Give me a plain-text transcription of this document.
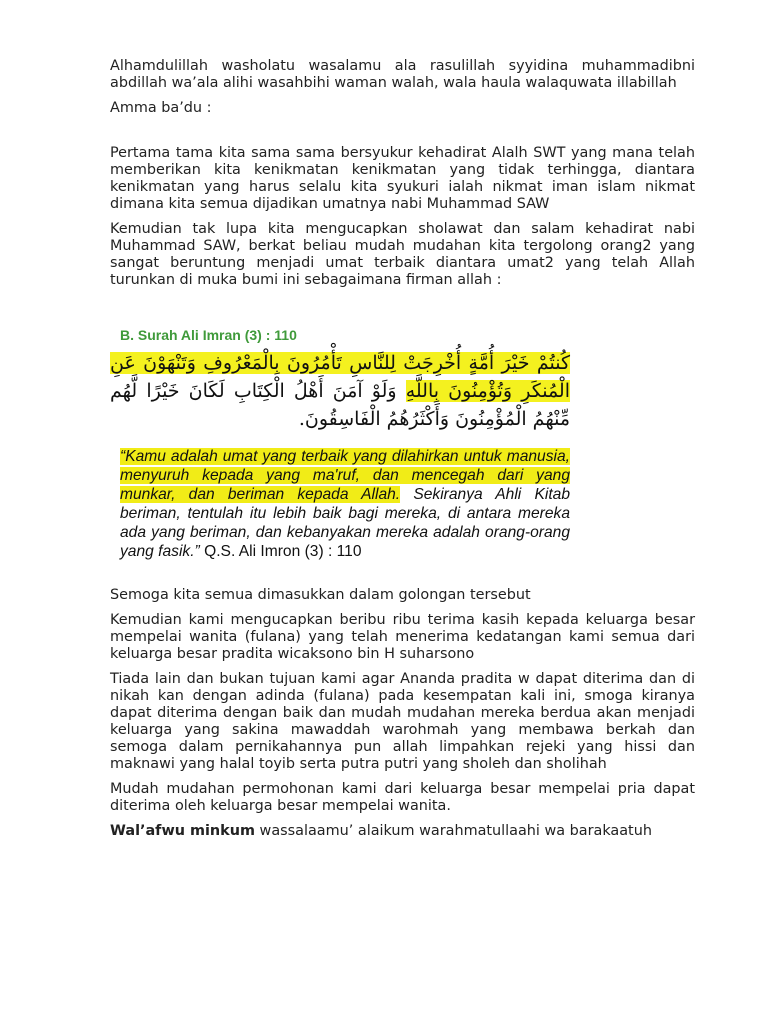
Alhamdulillah washolatu wasalamu ala rasulillah syyidina muhammadibni abdillah wa’ala alihi wasahbihi waman walah, wala haula walaquwata illabillah

Amma ba’du :

Pertama tama kita sama sama bersyukur kehadirat Alalh SWT yang mana telah memberikan kita kenikmatan kenikmatan yang tidak terhingga, diantara kenikmatan yang harus selalu kita syukuri ialah nikmat iman islam nikmat dimana kita semua dijadikan umatnya nabi Muhammad SAW

Kemudian tak lupa kita mengucapkan sholawat dan salam kehadirat nabi Muhammad SAW, berkat beliau mudah mudahan kita tergolong orang2 yang sangat beruntung menjadi umat terbaik diantara umat2 yang telah Allah turunkan di muka bumi ini sebagaimana firman allah :

Semoga kita semua dimasukkan dalam golongan tersebut

Kemudian kami mengucapkan beribu ribu terima kasih kepada keluarga besar mempelai wanita (fulana) yang telah menerima kedatangan kami semua dari keluarga besar pradita wicaksono bin H suharsono

Tiada lain dan bukan tujuan kami agar Ananda pradita w dapat diterima dan di nikah kan dengan adinda (fulana) pada kesempatan kali ini, smoga kiranya dapat diterima dengan baik dan mudah mudahan mereka berdua akan menjadi keluarga yang sakina mawaddah warohmah yang membawa berkah dan semoga dalam pernikahannya pun allah limpahkan rejeki yang hissi dan maknawi yang halal toyib serta putra putri yang sholeh dan sholihah

Mudah mudahan permohonan kami dari keluarga besar mempelai pria dapat diterima oleh keluarga besar mempelai wanita.

Wal’afwu minkum wassalaamu’ alaikum warahmatullaahi wa barakaatuh

B. Surah Ali Imran (3) : 110
كُنتُمْ خَيْرَ أُمَّةٍ أُخْرِجَتْ لِلنَّاسِ تَأْمُرُونَ بِالْمَعْرُوفِ وَتَنْهَوْنَ عَنِ الْمُنكَرِ وَتُؤْمِنُونَ بِاللَّهِ وَلَوْ آمَنَ أَهْلُ الْكِتَابِ لَكَانَ خَيْرًا لَّهُم مِّنْهُمُ الْمُؤْمِنُونَ وَأَكْثَرُهُمُ الْفَاسِقُونَ.
“Kamu adalah umat yang terbaik yang dilahirkan untuk manusia, menyuruh kepada yang ma'ruf, dan mencegah dari yang munkar, dan beriman kepada Allah. Sekiranya Ahli Kitab beriman, tentulah itu lebih baik bagi mereka, di antara mereka ada yang beriman, dan kebanyakan mereka adalah orang-orang yang fasik.” Q.S. Ali Imron (3) : 110
